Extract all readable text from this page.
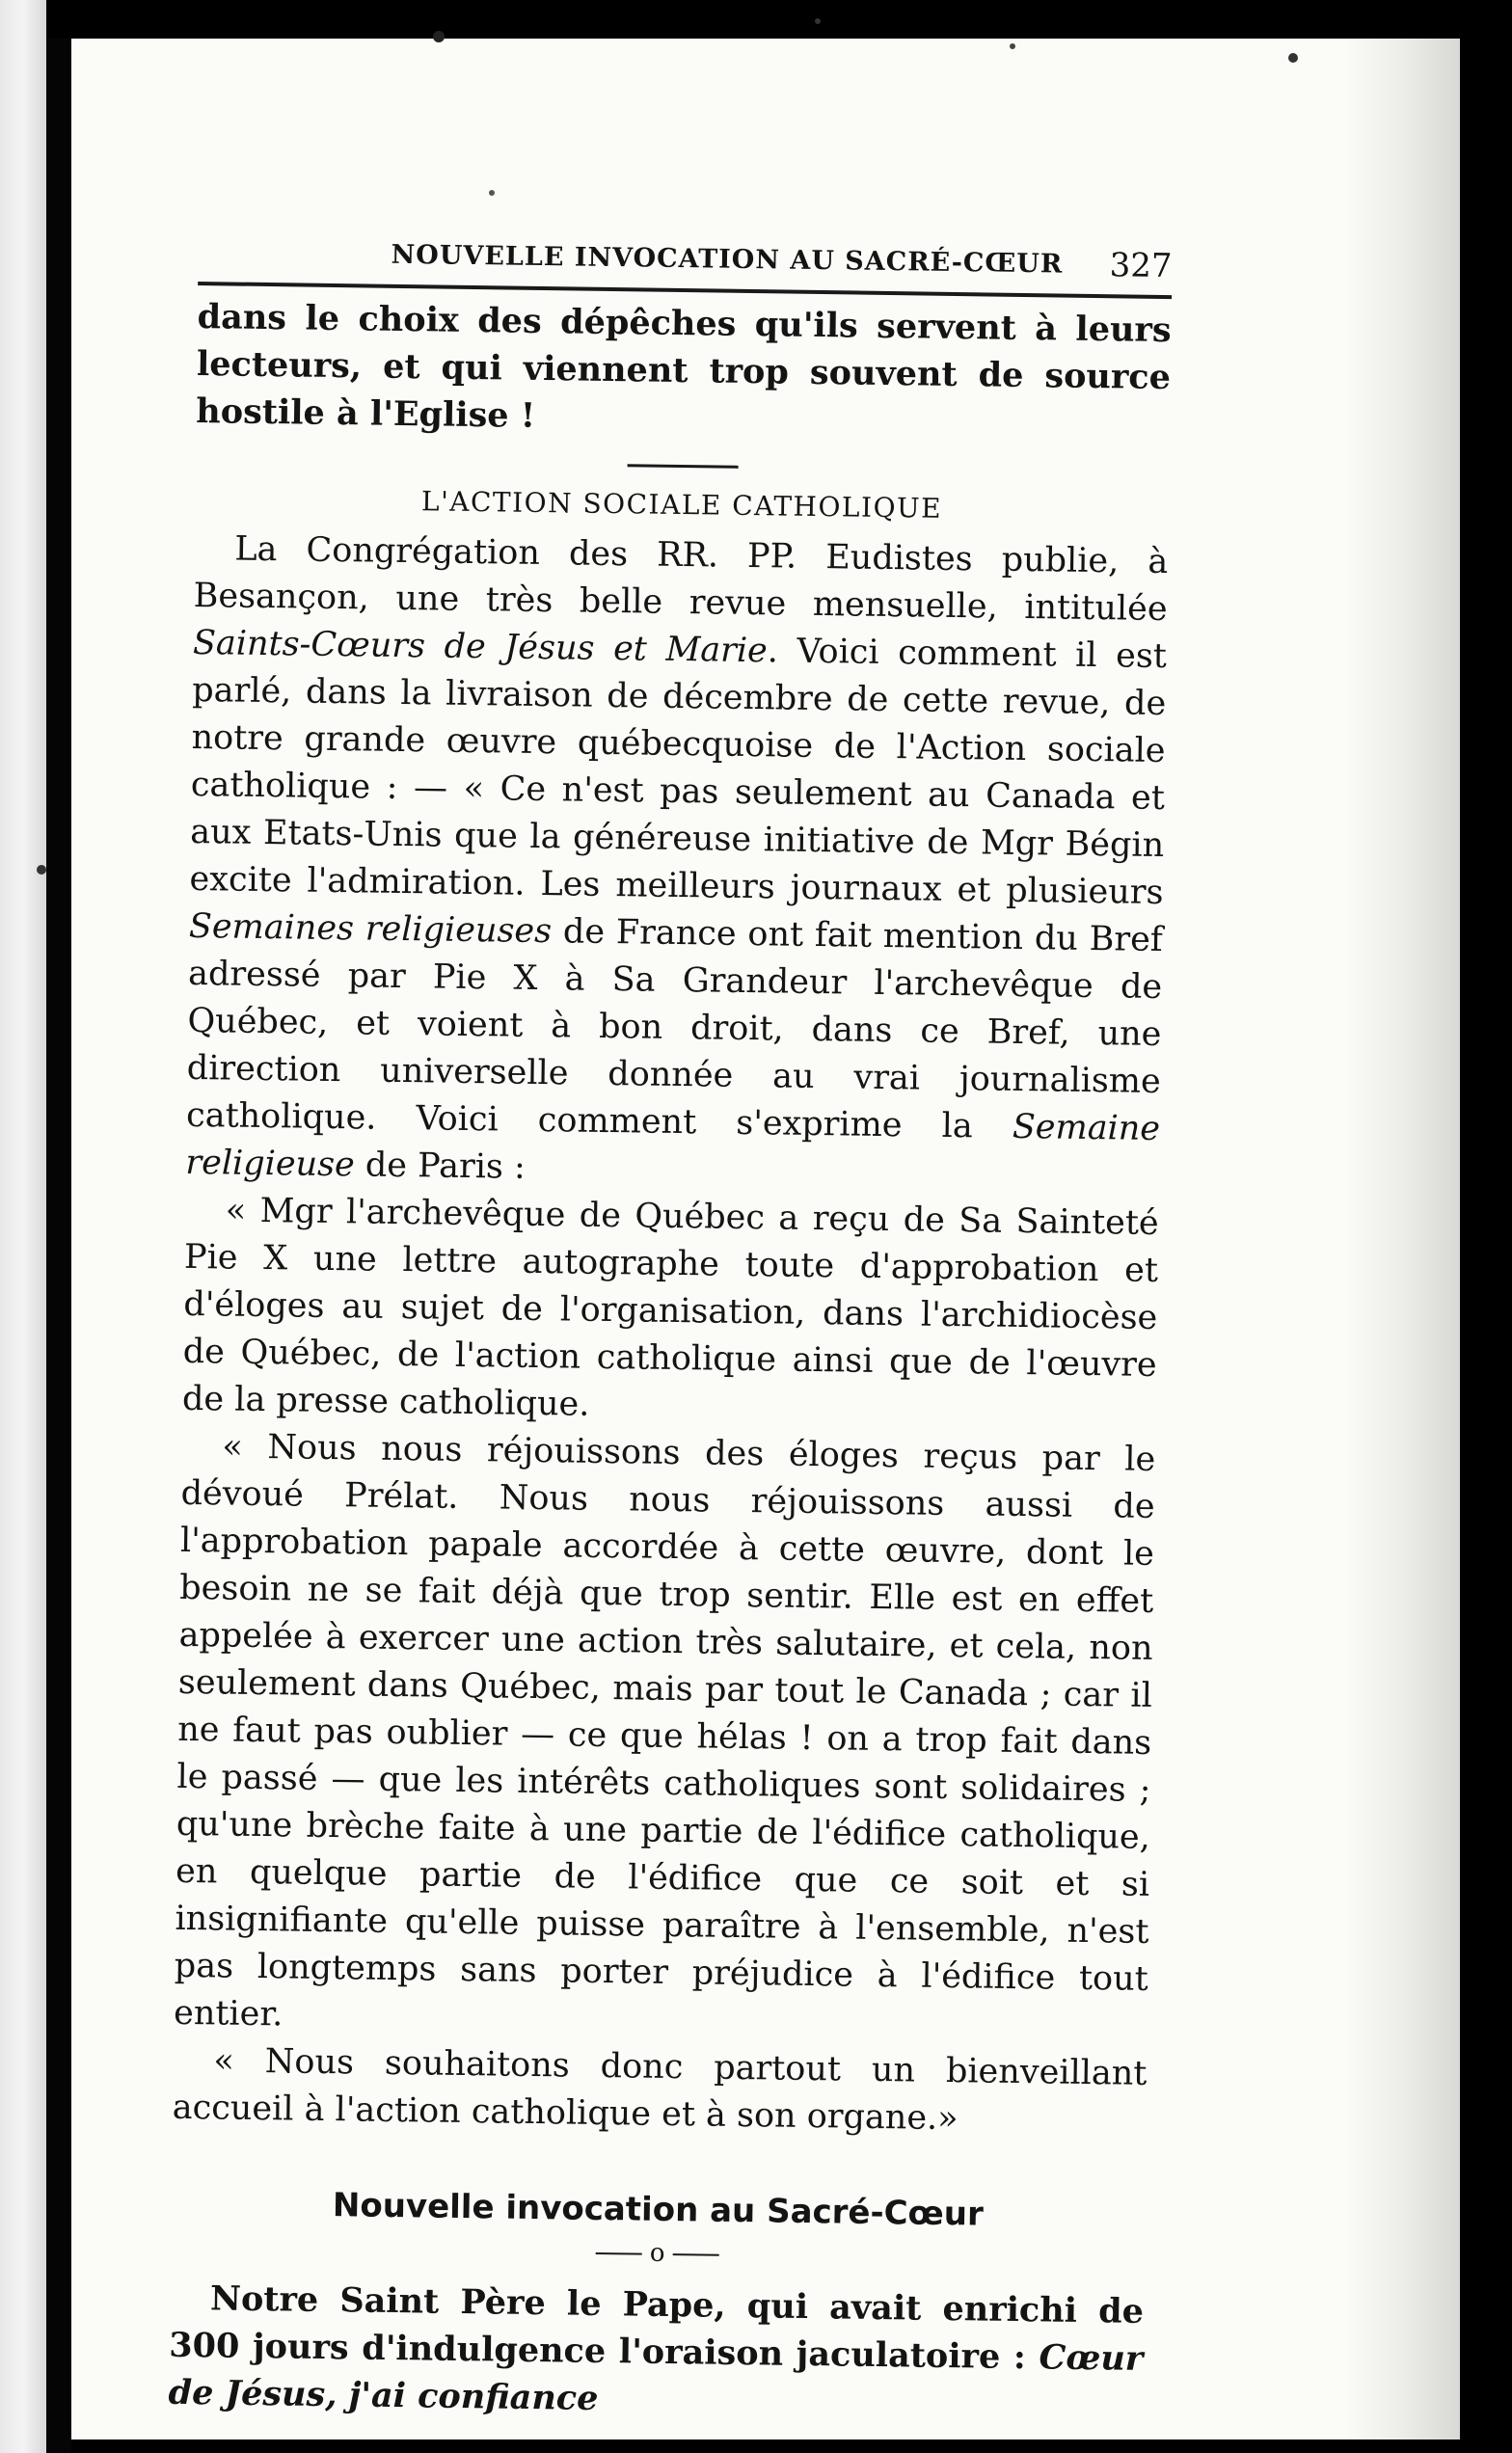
NOUVELLE INVOCATION AU SACRÉ-CŒUR 327

dans le choix des dépêches qu'ils servent à leurs lecteurs, et qui viennent trop souvent de source hostile à l'Eglise !

L'ACTION SOCIALE CATHOLIQUE

La Congrégation des RR. PP. Eudistes publie, à Besançon, une très belle revue mensuelle, intitulée Saints-Cœurs de Jésus et Marie. Voici comment il est parlé, dans la livraison de décembre de cette revue, de notre grande œuvre québecquoise de l'Action sociale catholique : — « Ce n'est pas seulement au Canada et aux Etats-Unis que la généreuse initiative de Mgr Bégin excite l'admiration. Les meilleurs journaux et plusieurs Semaines religieuses de France ont fait mention du Bref adressé par Pie X à Sa Grandeur l'archevêque de Québec, et voient à bon droit, dans ce Bref, une direction universelle donnée au vrai journalisme catholique. Voici comment s'exprime la Semaine religieuse de Paris :

« Mgr l'archevêque de Québec a reçu de Sa Sainteté Pie X une lettre autographe toute d'approbation et d'éloges au sujet de l'organisation, dans l'archidiocèse de Québec, de l'action catholique ainsi que de l'œuvre de la presse catholique.

« Nous nous réjouissons des éloges reçus par le dévoué Prélat. Nous nous réjouissons aussi de l'approbation papale accordée à cette œuvre, dont le besoin ne se fait déjà que trop sentir. Elle est en effet appelée à exercer une action très salutaire, et cela, non seulement dans Québec, mais par tout le Canada ; car il ne faut pas oublier — ce que hélas ! on a trop fait dans le passé — que les intérêts catholiques sont solidaires ; qu'une brèche faite à une partie de l'édifice catholique, en quelque partie de l'édifice que ce soit et si insignifiante qu'elle puisse paraître à l'ensemble, n'est pas longtemps sans porter préjudice à l'édifice tout entier.

« Nous souhaitons donc partout un bienveillant accueil à l'action catholique et à son organe.»

Nouvelle invocation au Sacré-Cœur
o

Notre Saint Père le Pape, qui avait enrichi de 300 jours d'indulgence l'oraison jaculatoire : Cœur de Jésus, j'ai confiance
